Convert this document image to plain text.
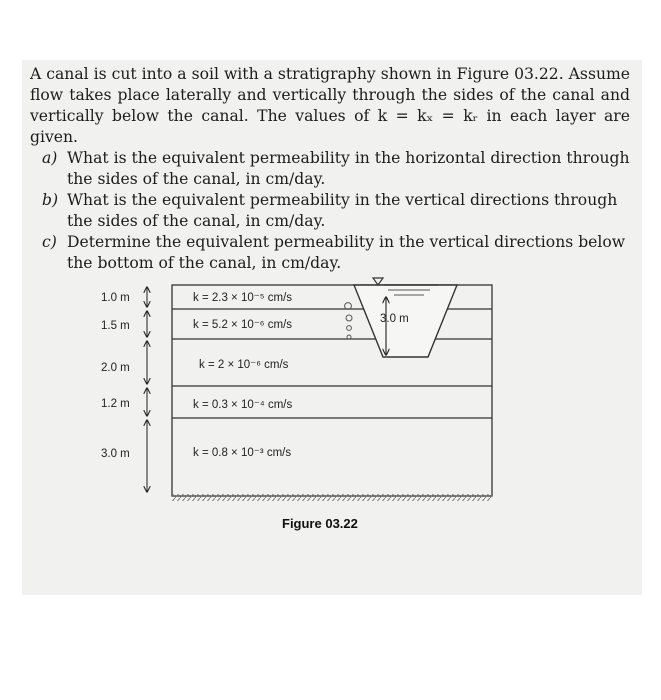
A canal is cut into a soil with a stratigraphy shown in Figure 03.22. Assume flow takes place laterally and vertically through the sides of the canal and vertically below the canal. The values of k = kₓ = kᵣ in each layer are given.
a) What is the equivalent permeability in the horizontal direction through the sides of the canal, in cm/day.
b) What is the equivalent permeability in the vertical directions through the sides of the canal, in cm/day.
c) Determine the equivalent permeability in the vertical directions below the bottom of the canal, in cm/day.
3.0 m
1.0 m
1.5 m
2.0 m
1.2 m
3.0 m
k = 2.3 × 10⁻⁵ cm/s
k = 5.2 × 10⁻⁶ cm/s
k = 2 × 10⁻⁶ cm/s
k = 0.3 × 10⁻⁴ cm/s
k = 0.8 × 10⁻³ cm/s
Figure 03.22
